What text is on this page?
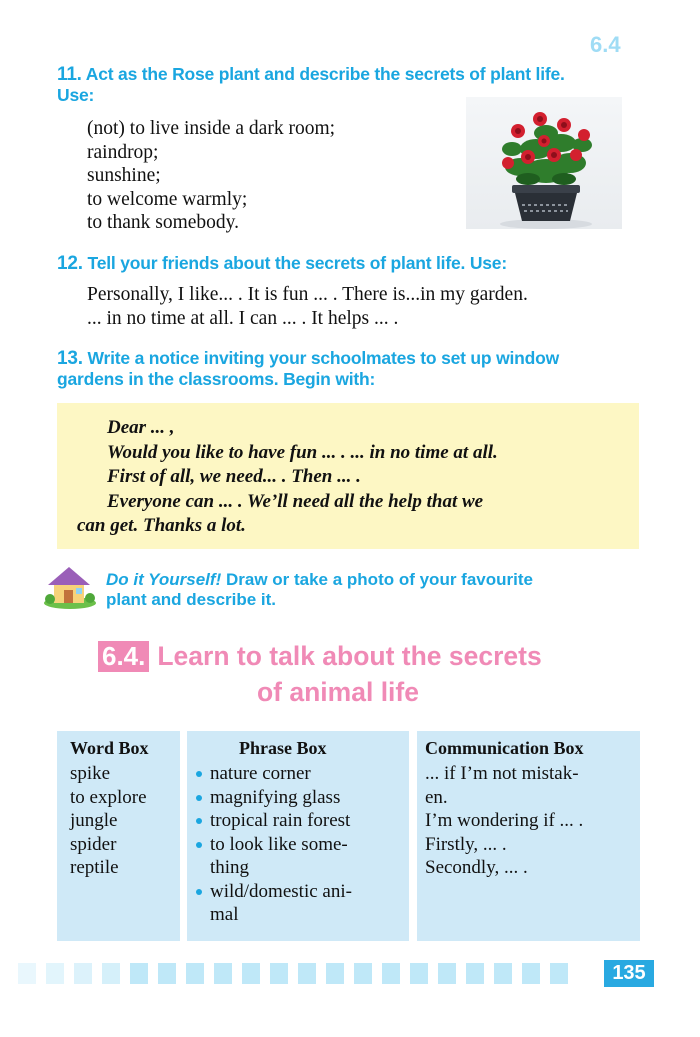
6.4
11. Act as the Rose plant and describe the secrets of plant life.
Use:
(not) to live inside a dark room;
raindrop;
sunshine;
to welcome warmly;
to thank somebody.
12. Tell your friends about the secrets of plant life. Use:
Personally, I like... . It is fun ... . There is...in my garden.
... in no time at all. I can ... . It helps ... .
13. Write a notice inviting your schoolmates to set up window
gardens in the classrooms. Begin with:
Dear ... ,
Would you like to have fun ... . ... in no time at all.
First of all, we need... . Then ... .
Everyone can ... . We’ll need all the help that we
can get. Thanks a lot.
Do it Yourself! Draw or take a photo of your favourite
plant and describe it.
6.4. Learn to talk about the secrets
of animal life
Word Box
spike
to explore
jungle
spider
reptile
Phrase Box
nature corner
magnifying glass
tropical rain forest
to look like some-
thing
wild/domestic ani-
mal
Communication Box
... if I’m not mistak-
en.
I’m wondering if ... .
Firstly, ... .
Secondly, ... .
135
